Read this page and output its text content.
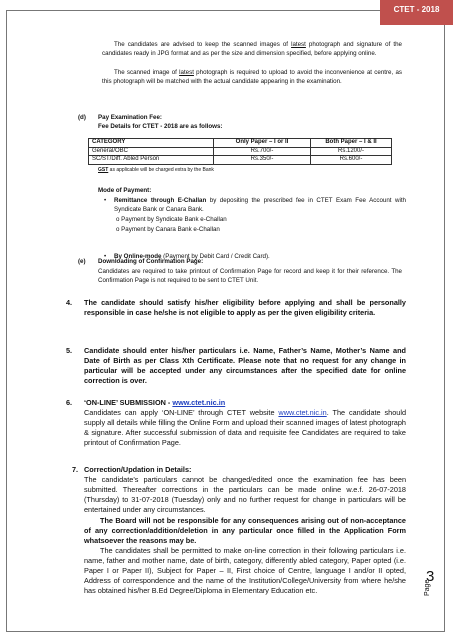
CTET - 2018
The candidates are advised to keep the scanned images of latest photograph and signature of the candidates ready in JPG format and as per the size and dimension specified, before applying online.
The scanned image of latest photograph is required to upload to avoid the inconvenience at centre, as this photograph will be matched with the actual candidate appearing in the examination.
(d) Pay Examination Fee:
Fee Details for CTET - 2018 are as follows:
CATEGORY	Only Paper – I or II	Both Paper – I & II
General/OBC	Rs.700/-	Rs.1200/-
SC/ST/Diff. Abled Person	Rs.350/-	Rs.600/-
GST as applicable will be charged extra by the Bank
Mode of Payment:
• Remittance through E-Challan by depositing the prescribed fee in CTET Exam Fee Account with Syndicate Bank or Canara Bank.
o Payment by Syndicate Bank e-Challan
o Payment by Canara Bank e-Challan
• By Online-mode (Payment by Debit Card / Credit Card).
(e) Downloading of Confirmation Page:
Candidates are required to take printout of Confirmation Page for record and keep it for their reference. The Confirmation Page is not required to be sent to CTET Unit.
4.	The candidate should satisfy his/her eligibility before applying and shall be personally responsible in case he/she is not eligible to apply as per the given eligibility criteria.
5.	Candidate should enter his/her particulars i.e. Name, Father’s Name, Mother’s Name and Date of Birth as per Class Xth Certificate. Please note that no request for any change in particular will be accepted under any circumstances after the specified date for online correction is over.
6.	‘ON-LINE’ SUBMISSION - www.ctet.nic.in
Candidates can apply ‘ON-LINE’ through CTET website www.ctet.nic.in. The candidate should supply all details while filling the Online Form and upload their scanned images of latest photograph & signature. After successful submission of data and requisite fee Candidates are required to take printout of Confirmation Page.
7. Correction/Updation in Details:
The candidate’s particulars cannot be changed/edited once the examination fee has been submitted. Thereafter corrections in the particulars can be made online w.e.f. 26-07-2018 (Thursday) to 31-07-2018 (Tuesday) only and no further request for change in particulars will be entertained under any circumstances.
The Board will not be responsible for any consequences arising out of non-acceptance of any correction/addition/deletion in any particular once filled in the Application Form whatsoever the reasons may be.
The candidates shall be permitted to make on-line correction in their following particulars i.e. name, father and mother name, date of birth, category, differently abled category, Paper opted (i.e. Paper I or Paper II), Subject for Paper – II, First choice of Centre, language I and/or II opted, Address of correspondence and the name of the Institution/College/University from where he/she has obtained his/her B.Ed Degree/Diploma in Elementary Education etc.	Page
3
